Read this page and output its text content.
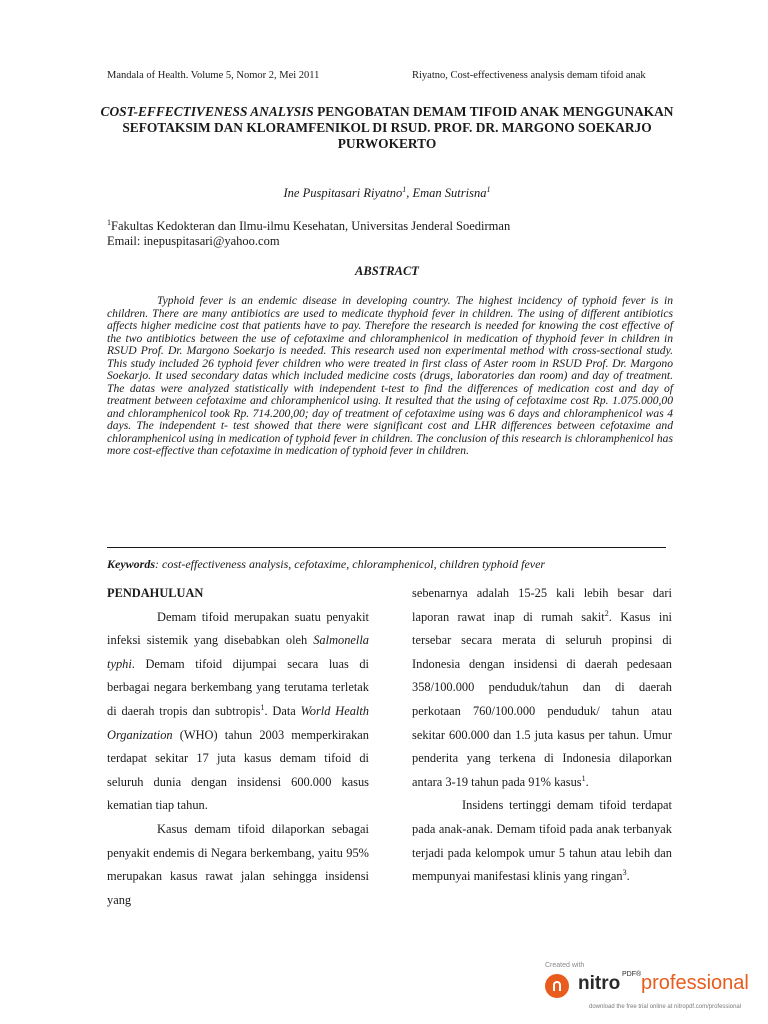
Mandala of Health. Volume 5, Nomor 2, Mei 2011	Riyatno, Cost-effectiveness analysis demam tifoid anak
COST-EFFECTIVENESS ANALYSIS PENGOBATAN DEMAM TIFOID ANAK MENGGUNAKAN SEFOTAKSIM DAN KLORAMFENIKOL DI RSUD. PROF. DR. MARGONO SOEKARJO PURWOKERTO
Ine Puspitasari Riyatno$^1$, Eman Sutrisna$^1$
$^1$Fakultas Kedokteran dan Ilmu-ilmu Kesehatan, Universitas Jenderal Soedirman
Email: inepuspitasari@yahoo.com
ABSTRACT
Typhoid fever is an endemic disease in developing country. The highest incidency of typhoid fever is in children. There are many antibiotics are used to medicate thyphoid fever in children. The using of different antibiotics affects higher medicine cost that patients have to pay. Therefore the research is needed for knowing the cost effective of the two antibiotics between the use of cefotaxime and chloramphenicol in medication of thyphoid fever in children in RSUD Prof. Dr. Margono Soekarjo is needed. This research used non experimental method with cross-sectional study. This study included 26 typhoid fever children who were treated in first class of Aster room in RSUD Prof. Dr. Margono Soekarjo. It used secondary datas which included medicine costs (drugs, laboratories dan room) and day of treatment. The datas were analyzed statistically with independent t-test to find the differences of medication cost and day of treatment between cefotaxime and chloramphenicol using. It resulted that the using of cefotaxime cost Rp. 1.075.000,00 and chloramphenicol took Rp. 714.200,00; day of treatment of cefotaxime using was 6 days and chloramphenicol was 4 days. The independent t- test showed that there were significant cost and LHR differences between cefotaxime and chloramphenicol using in medication of typhoid fever in children. The conclusion of this research is chloramphenicol has more cost-effective than cefotaxime in medication of typhoid fever in children.
Keywords: cost-effectiveness analysis, cefotaxime, chloramphenicol, children typhoid fever

PENDAHULUAN

Demam tifoid merupakan suatu penyakit infeksi sistemik yang disebabkan oleh Salmonella typhi. Demam tifoid dijumpai secara luas di berbagai negara berkembang yang terutama terletak di daerah tropis dan subtropis$^1$. Data World Health Organization (WHO) tahun 2003 memperkirakan terdapat sekitar 17 juta kasus demam tifoid di seluruh dunia dengan insidensi 600.000 kasus kematian tiap tahun.

Kasus demam tifoid dilaporkan sebagai penyakit endemis di Negara berkembang, yaitu 95% merupakan kasus rawat jalan sehingga insidensi yang

sebenarnya adalah 15-25 kali lebih besar dari laporan rawat inap di rumah sakit$^2$. Kasus ini tersebar secara merata di seluruh propinsi di Indonesia dengan insidensi di daerah pedesaan 358/100.000 penduduk/tahun dan di daerah perkotaan 760/100.000 penduduk/ tahun atau sekitar 600.000 dan 1.5 juta kasus per tahun. Umur penderita yang terkena di Indonesia dilaporkan antara 3-19 tahun pada 91% kasus$^1$.

Insidens tertinggi demam tifoid terdapat pada anak-anak. Demam tifoid pada anak terbanyak terjadi pada kelompok umur 5 tahun atau lebih dan mempunyai manifestasi klinis yang ringan$^3$.

Created with
nitro PDF® professional
download the free trial online at nitropdf.com/professional
